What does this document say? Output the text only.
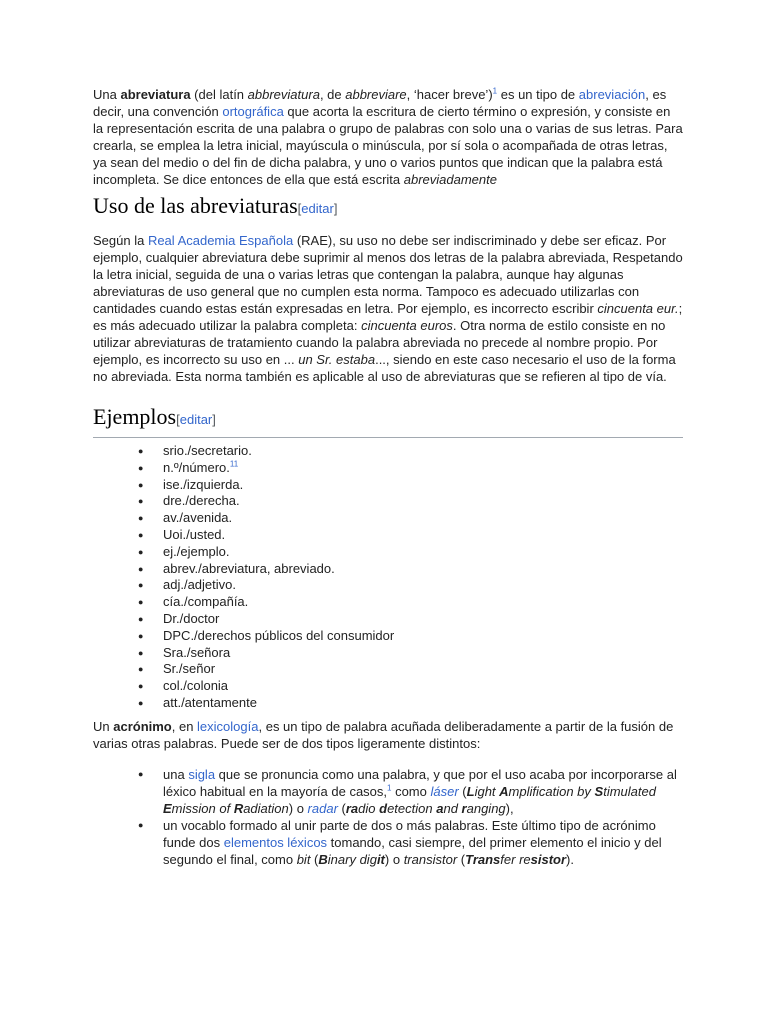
Una abreviatura (del latín abbreviatura, de abbreviare, ‘hacer breve’)$^1$ es un tipo de abreviación, es decir, una convención ortográfica que acorta la escritura de cierto término o expresión, y consiste en la representación escrita de una palabra o grupo de palabras con solo una o varias de sus letras. Para crearla, se emplea la letra inicial, mayúscula o minúscula, por sí sola o acompañada de otras letras, ya sean del medio o del fin de dicha palabra, y uno o varios puntos que indican que la palabra está incompleta. Se dice entonces de ella que está escrita abreviadamente

Uso de las abreviaturas[editar]

Según la Real Academia Española (RAE), su uso no debe ser indiscriminado y debe ser eficaz. Por ejemplo, cualquier abreviatura debe suprimir al menos dos letras de la palabra abreviada, Respetando la letra inicial, seguida de una o varias letras que contengan la palabra, aunque hay algunas abreviaturas de uso general que no cumplen esta norma. Tampoco es adecuado utilizarlas con cantidades cuando estas están expresadas en letra. Por ejemplo, es incorrecto escribir cincuenta eur.; es más adecuado utilizar la palabra completa: cincuenta euros. Otra norma de estilo consiste en no utilizar abreviaturas de tratamiento cuando la palabra abreviada no precede al nombre propio. Por ejemplo, es incorrecto su uso en ... un Sr. estaba..., siendo en este caso necesario el uso de la forma no abreviada. Esta norma también es aplicable al uso de abreviaturas que se refieren al tipo de vía.

Ejemplos[editar]
● srio./secretario.
● n.º/número.$^{11}$
● ise./izquierda.
● dre./derecha.
● av./avenida.
● Uoi./usted.
● ej./ejemplo.
● abrev./abreviatura, abreviado.
● adj./adjetivo.
● cía./compañía.
● Dr./doctor
● DPC./derechos públicos del consumidor
● Sra./señora
● Sr./señor
● col./colonia
● att./atentamente

Un acrónimo, en lexicología, es un tipo de palabra acuñada deliberadamente a partir de la fusión de varias otras palabras. Puede ser de dos tipos ligeramente distintos:

● una sigla que se pronuncia como una palabra, y que por el uso acaba por incorporarse al léxico habitual en la mayoría de casos,$^1$ como láser (Light Amplification by Stimulated Emission of Radiation) o radar (radio detection and ranging),
● un vocablo formado al unir parte de dos o más palabras. Este último tipo de acrónimo funde dos elementos léxicos tomando, casi siempre, del primer elemento el inicio y del segundo el final, como bit (Binary digit) o transistor (Transfer resistor).
